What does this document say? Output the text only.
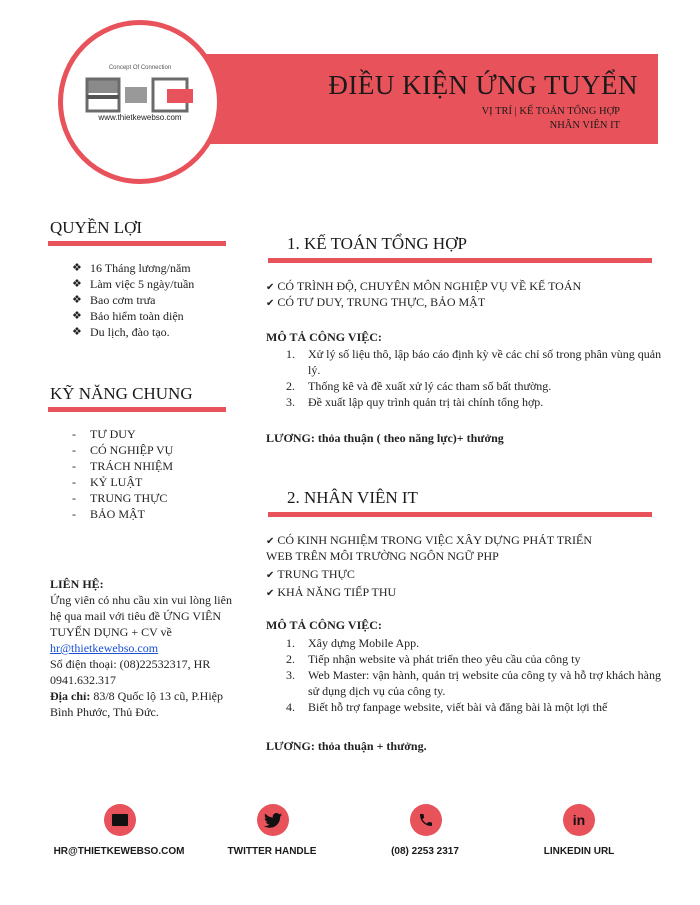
Concept Of Connection
www.thietkewebso.com
ĐIỀU KIỆN ỨNG TUYỂN
VỊ TRÍ | KẾ TOÁN TỔNG HỢP
NHÂN VIÊN IT
QUYỀN LỢI
❖ 16 Tháng lương/năm
❖ Làm việc 5 ngày/tuần
❖ Bao cơm trưa
❖ Bảo hiểm toàn diện
❖ Du lịch, đào tạo.
KỸ NĂNG CHUNG
- TƯ DUY
- CÓ NGHIỆP VỤ
- TRÁCH NHIỆM
- KỶ LUẬT
- TRUNG THỰC
- BẢO MẬT
LIÊN HỆ:
Ứng viên có nhu cầu xin vui lòng liên hệ qua mail với tiêu đề ỨNG VIÊN TUYỂN DỤNG + CV về
hr@thietkewebso.com
Số điện thoại: (08)22532317, HR 0941.632.317
Địa chỉ: 83/8 Quốc lộ 13 cũ, P.Hiệp Bình Phước, Thủ Đức.
1. KẾ TOÁN TỔNG HỢP
✔ CÓ TRÌNH ĐỘ, CHUYÊN MÔN NGHIỆP VỤ VỀ KẾ TOÁN
✔ CÓ TƯ DUY, TRUNG THỰC, BẢO MẬT
MÔ TẢ CÔNG VIỆC:
1. Xử lý số liệu thô, lập báo cáo định kỳ về các chỉ số trong phân vùng quản lý.
2. Thống kê và đề xuất xử lý các tham số bất thường.
3. Đề xuất lập quy trình quản trị tài chính tổng hợp.
LƯƠNG: thỏa thuận ( theo năng lực)+ thưởng
2. NHÂN VIÊN IT
✔ CÓ KINH NGHIỆM TRONG VIỆC XÂY DỰNG PHÁT TRIỂN
WEB TRÊN MÔI TRƯỜNG NGÔN NGỮ PHP
✔ TRUNG THỰC
✔ KHẢ NĂNG TIẾP THU
MÔ TẢ CÔNG VIỆC:
1. Xây dựng Mobile App.
2. Tiếp nhận website và phát triển theo yêu cầu của công ty
3. Web Master: vận hành, quản trị website của công ty và hỗ trợ khách hàng sử dụng dịch vụ của công ty.
4. Biết hỗ trợ fanpage website, viết bài và đăng bài là một lợi thế
LƯƠNG: thỏa thuận + thưởng.
HR@THIETKEWEBSO.COM	TWITTER HANDLE	(08) 2253 2317
in
LINKEDIN URL
